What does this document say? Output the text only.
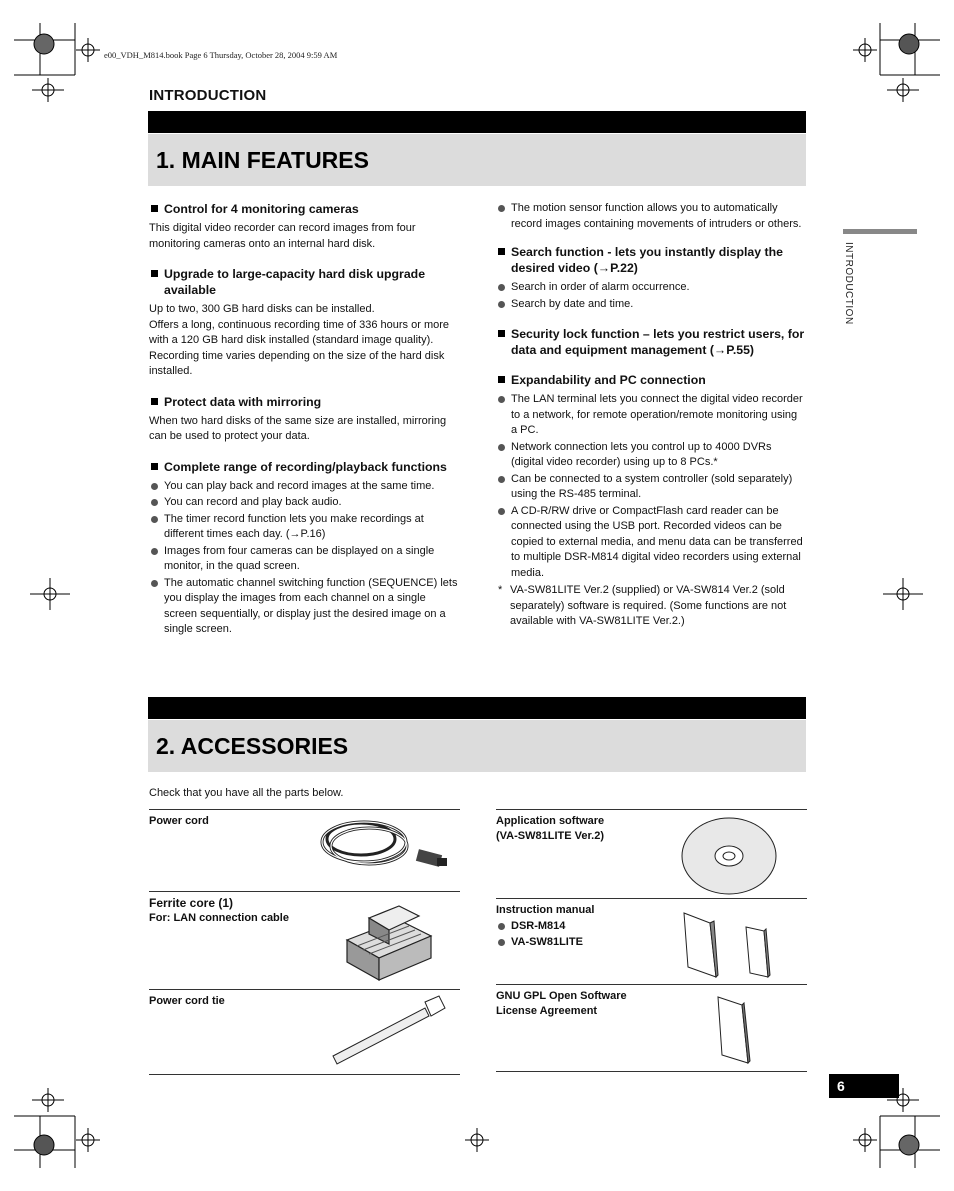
e00_VDH_M814.book Page 6 Thursday, October 28, 2004 9:59 AM
INTRODUCTION
INTRODUCTION
1. MAIN FEATURES
Control for 4 monitoring cameras
This digital video recorder can record images from four monitoring cameras onto an internal hard disk.
Upgrade to large-capacity hard disk upgrade available
Up to two, 300 GB hard disks can be installed.
Offers a long, continuous recording time of 336 hours or more with a 120 GB hard disk installed (standard image quality). Recording time varies depending on the size of the hard disk installed.
Protect data with mirroring
When two hard disks of the same size are installed, mirroring can be used to protect your data.
Complete range of recording/playback functions
You can play back and record images at the same time.
You can record and play back audio.
The timer record function lets you make recordings at different times each day. (→P.16)
Images from four cameras can be displayed on a single monitor, in the quad screen.
The automatic channel switching function (SEQUENCE) lets you display the images from each channel on a single screen sequentially, or display just the desired image on a single screen.
The motion sensor function allows you to automatically record images containing movements of intruders or others.
Search function - lets you instantly display the desired video (→P.22)
Search in order of alarm occurrence.
Search by date and time.
Security lock function – lets you restrict users, for data and equipment management (→P.55)
Expandability and PC connection
The LAN terminal lets you connect the digital video recorder to a network, for remote operation/remote monitoring using a PC.
Network connection lets you control up to 4000 DVRs (digital video recorder) using up to 8 PCs.*
Can be connected to a system controller (sold separately) using the RS-485 terminal.
A CD-R/RW drive or CompactFlash card reader can be connected using the USB port. Recorded videos can be copied to external media, and menu data can be transferred to multiple DSR-M814 digital video recorders using external media.
* VA-SW81LITE Ver.2 (supplied) or VA-SW814 Ver.2 (sold separately) software is required. (Some functions are not available with VA-SW81LITE Ver.2.)
2. ACCESSORIES
Check that you have all the parts below.
Power cord
Ferrite core (1)
For: LAN connection cable
Power cord tie
Application software
(VA-SW81LITE Ver.2)
Instruction manual
DSR-M814
VA-SW81LITE
GNU GPL Open Software
License Agreement
6
